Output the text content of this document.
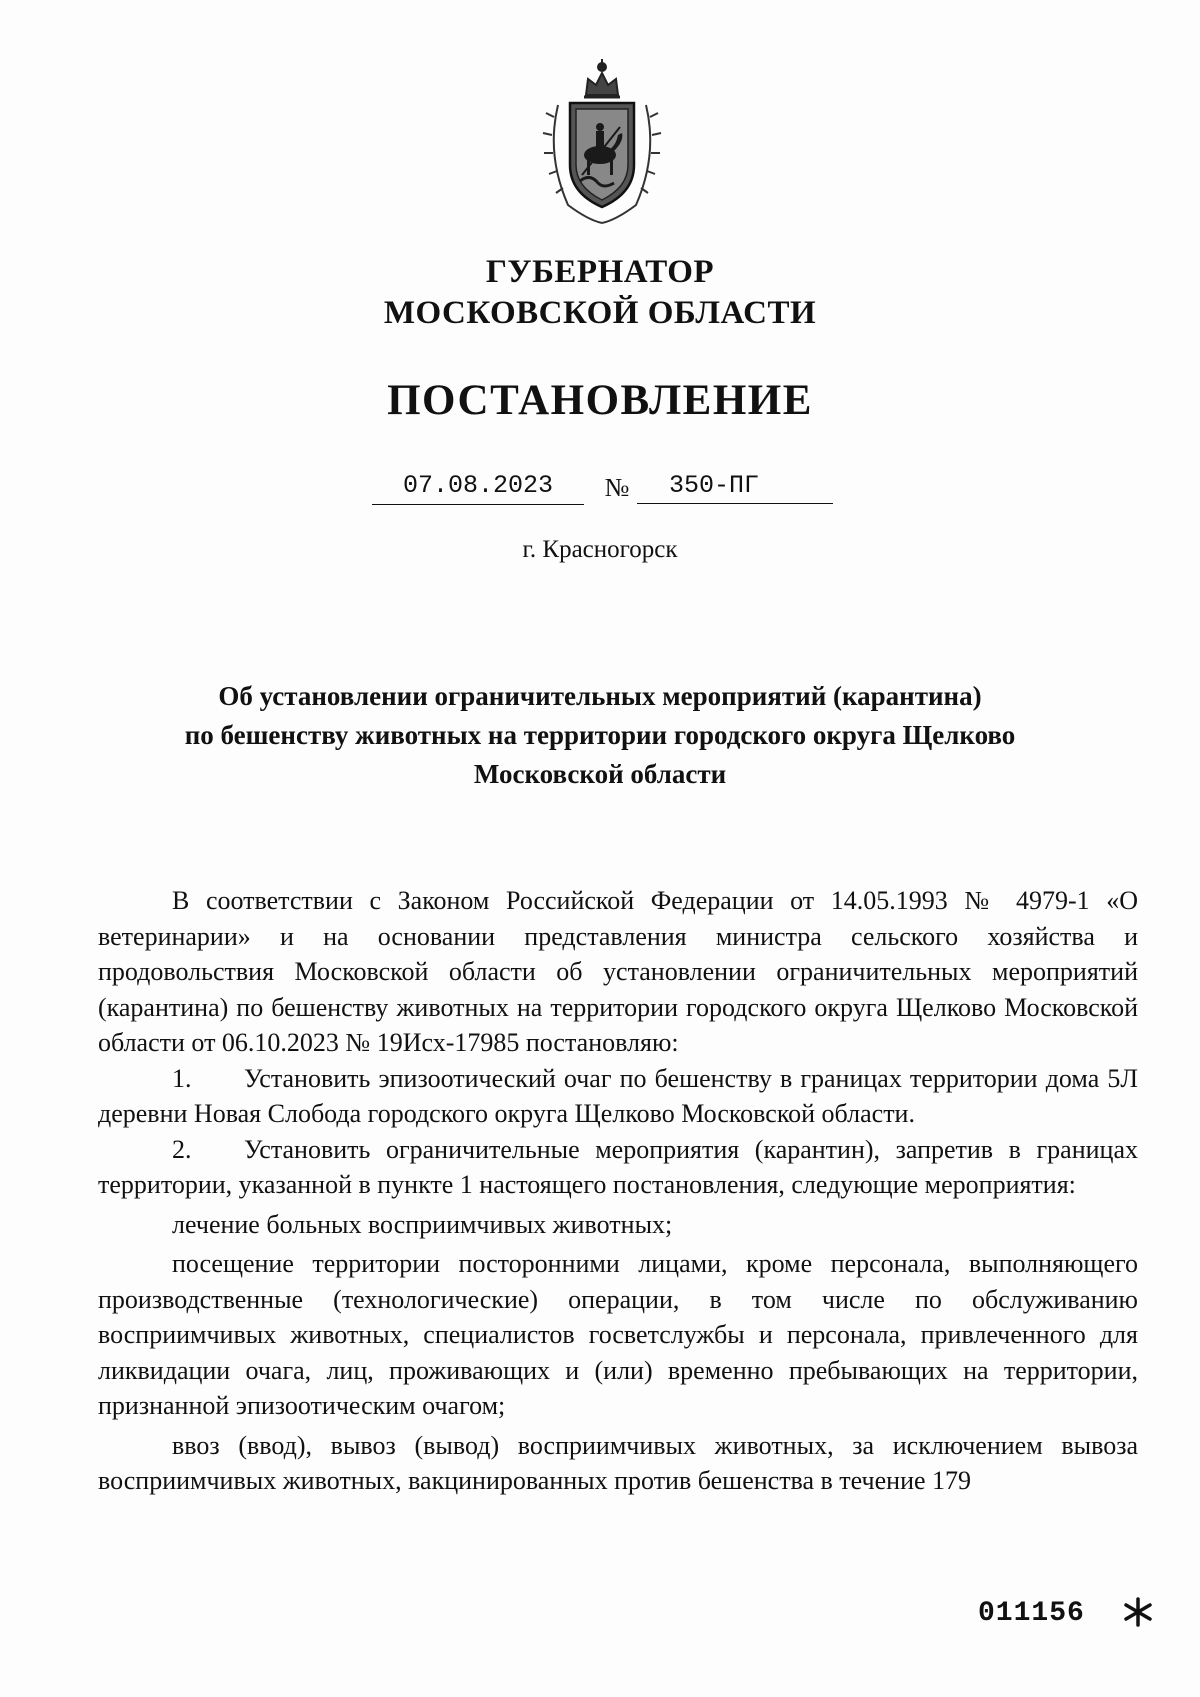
ГУБЕРНАТОР
МОСКОВСКОЙ ОБЛАСТИ
ПОСТАНОВЛЕНИЕ
07.08.2023	№	350-ПГ
г. Красногорск
Об установлении ограничительных мероприятий (карантина)
по бешенству животных на территории городского округа Щелково
Московской области

В соответствии с Законом Российской Федерации от 14.05.1993 № 4979-1 «О ветеринарии» и на основании представления министра сельского хозяйства и продовольствия Московской области об установлении ограничительных мероприятий (карантина) по бешенству животных на территории городского округа Щелково Московской области от 06.10.2023 № 19Исх-17985 постановляю:

1. Установить эпизоотический очаг по бешенству в границах территории дома 5Л деревни Новая Слобода городского округа Щелково Московской области.

2. Установить ограничительные мероприятия (карантин), запретив в границах территории, указанной в пункте 1 настоящего постановления, следующие мероприятия:

лечение больных восприимчивых животных;

посещение территории посторонними лицами, кроме персонала, выполняющего производственные (технологические) операции, в том числе по обслуживанию восприимчивых животных, специалистов госветслужбы и персонала, привлеченного для ликвидации очага, лиц, проживающих и (или) временно пребывающих на территории, признанной эпизоотическим очагом;

ввоз (ввод), вывоз (вывод) восприимчивых животных, за исключением вывоза восприимчивых животных, вакцинированных против бешенства в течение 179

011156
